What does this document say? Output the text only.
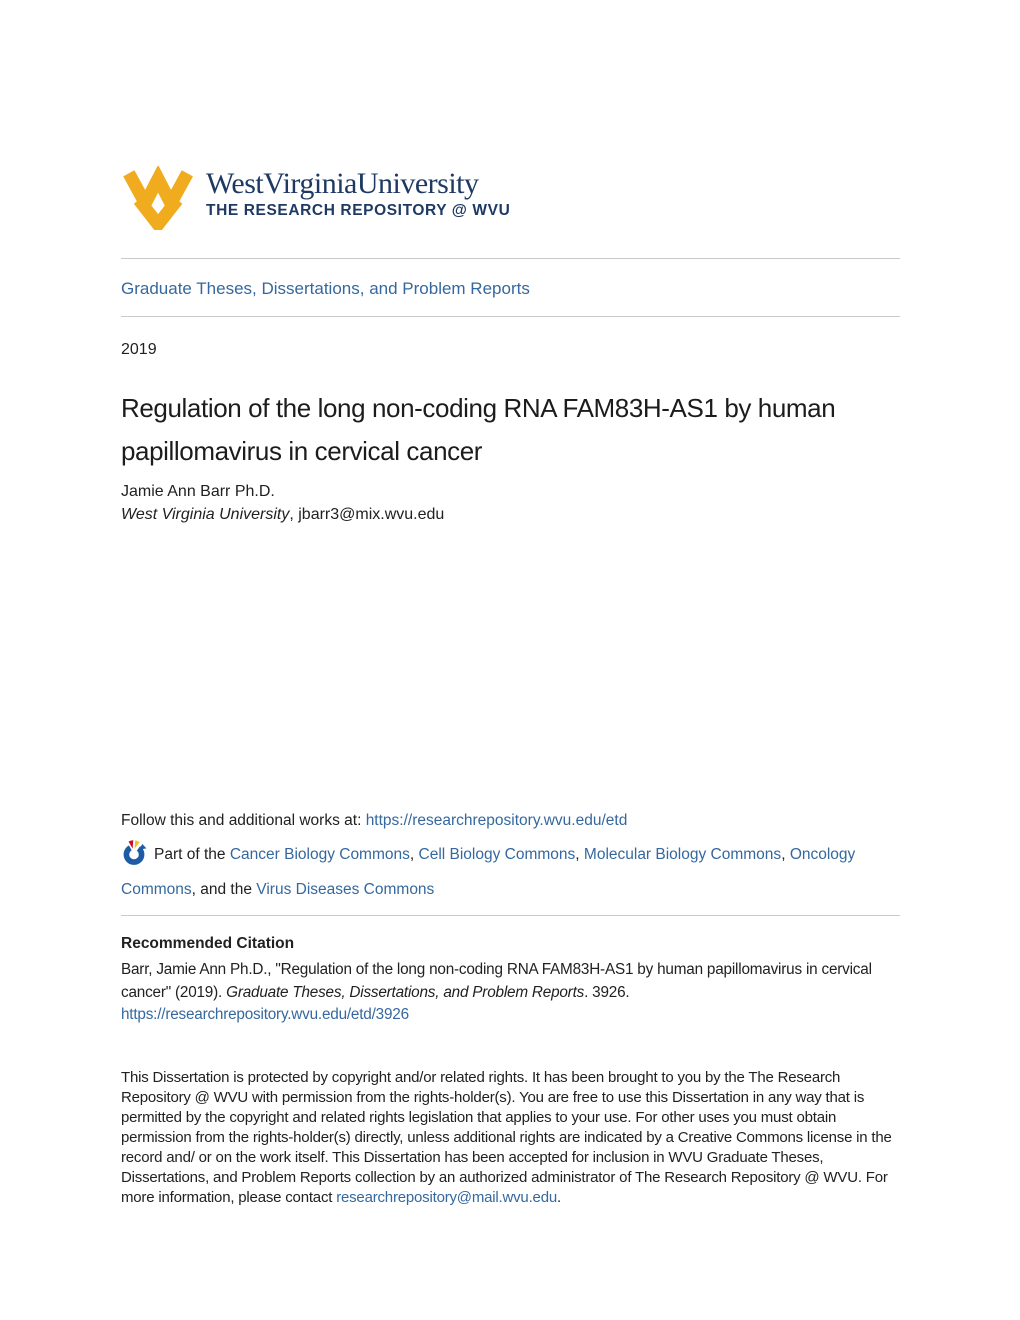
WestVirginiaUniversity
THE RESEARCH REPOSITORY @ WVU
Graduate Theses, Dissertations, and Problem Reports
2019
Regulation of the long non-coding RNA FAM83H-AS1 by human
papillomavirus in cervical cancer
Jamie Ann Barr Ph.D.
West Virginia University, jbarr3@mix.wvu.edu
Follow this and additional works at: https://researchrepository.wvu.edu/etd
Part of the Cancer Biology Commons, Cell Biology Commons, Molecular Biology Commons, Oncology Commons, and the Virus Diseases Commons
Recommended Citation
Barr, Jamie Ann Ph.D., "Regulation of the long non-coding RNA FAM83H-AS1 by human papillomavirus in cervical cancer" (2019). Graduate Theses, Dissertations, and Problem Reports. 3926.
https://researchrepository.wvu.edu/etd/3926
This Dissertation is protected by copyright and/or related rights. It has been brought to you by the The Research Repository @ WVU with permission from the rights-holder(s). You are free to use this Dissertation in any way that is permitted by the copyright and related rights legislation that applies to your use. For other uses you must obtain permission from the rights-holder(s) directly, unless additional rights are indicated by a Creative Commons license in the record and/ or on the work itself. This Dissertation has been accepted for inclusion in WVU Graduate Theses, Dissertations, and Problem Reports collection by an authorized administrator of The Research Repository @ WVU. For more information, please contact researchrepository@mail.wvu.edu.
